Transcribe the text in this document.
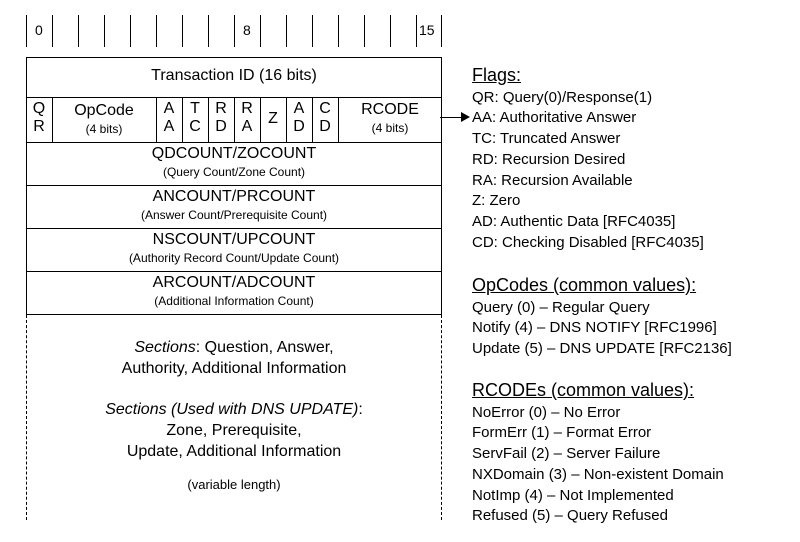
0	8	15
Transaction ID (16 bits)
Q
R
OpCode
(4 bits)
A
A
T
C
R
D
R
A Z
A
D
C
D
RCODE
(4 bits)
QDCOUNT/ZOCOUNT
(Query Count/Zone Count)
ANCOUNT/PRCOUNT
(Answer Count/Prerequisite Count)
NSCOUNT/UPCOUNT
(Authority Record Count/Update Count)
ARCOUNT/ADCOUNT
(Additional Information Count)
Sections: Question, Answer,
Authority, Additional Information
Sections (Used with DNS UPDATE):
Zone, Prerequisite,
Update, Additional Information
(variable length)
Flags:
QR: Query(0)/Response(1)
AA: Authoritative Answer
TC: Truncated Answer
RD: Recursion Desired
RA: Recursion Available
Z: Zero
AD: Authentic Data [RFC4035]
CD: Checking Disabled [RFC4035]
OpCodes (common values):
Query (0) – Regular Query
Notify (4) – DNS NOTIFY [RFC1996]
Update (5) – DNS UPDATE [RFC2136]
RCODEs (common values):
NoError (0) – No Error
FormErr (1) – Format Error
ServFail (2) – Server Failure
NXDomain (3) – Non-existent Domain
NotImp (4) – Not Implemented
Refused (5) – Query Refused
